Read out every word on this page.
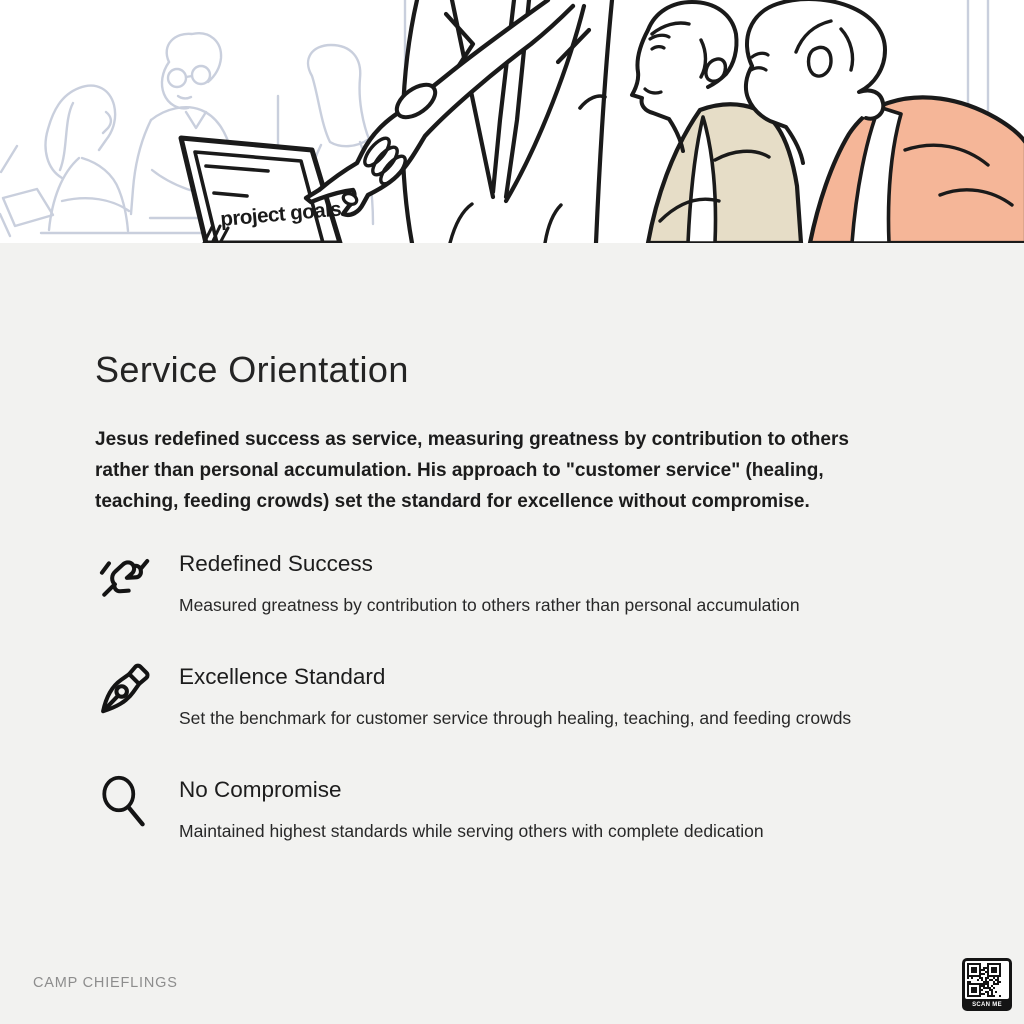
project goals
Service Orientation

Jesus redefined success as service, measuring greatness by contribution to others rather than personal accumulation. His approach to "customer service" (healing, teaching, feeding crowds) set the standard for excellence without compromise.

Redefined Success
Measured greatness by contribution to others rather than personal accumulation
Excellence Standard
Set the benchmark for customer service through healing, teaching, and feeding crowds
No Compromise
Maintained highest standards while serving others with complete dedication
CAMP CHIEFLINGS
SCAN ME
